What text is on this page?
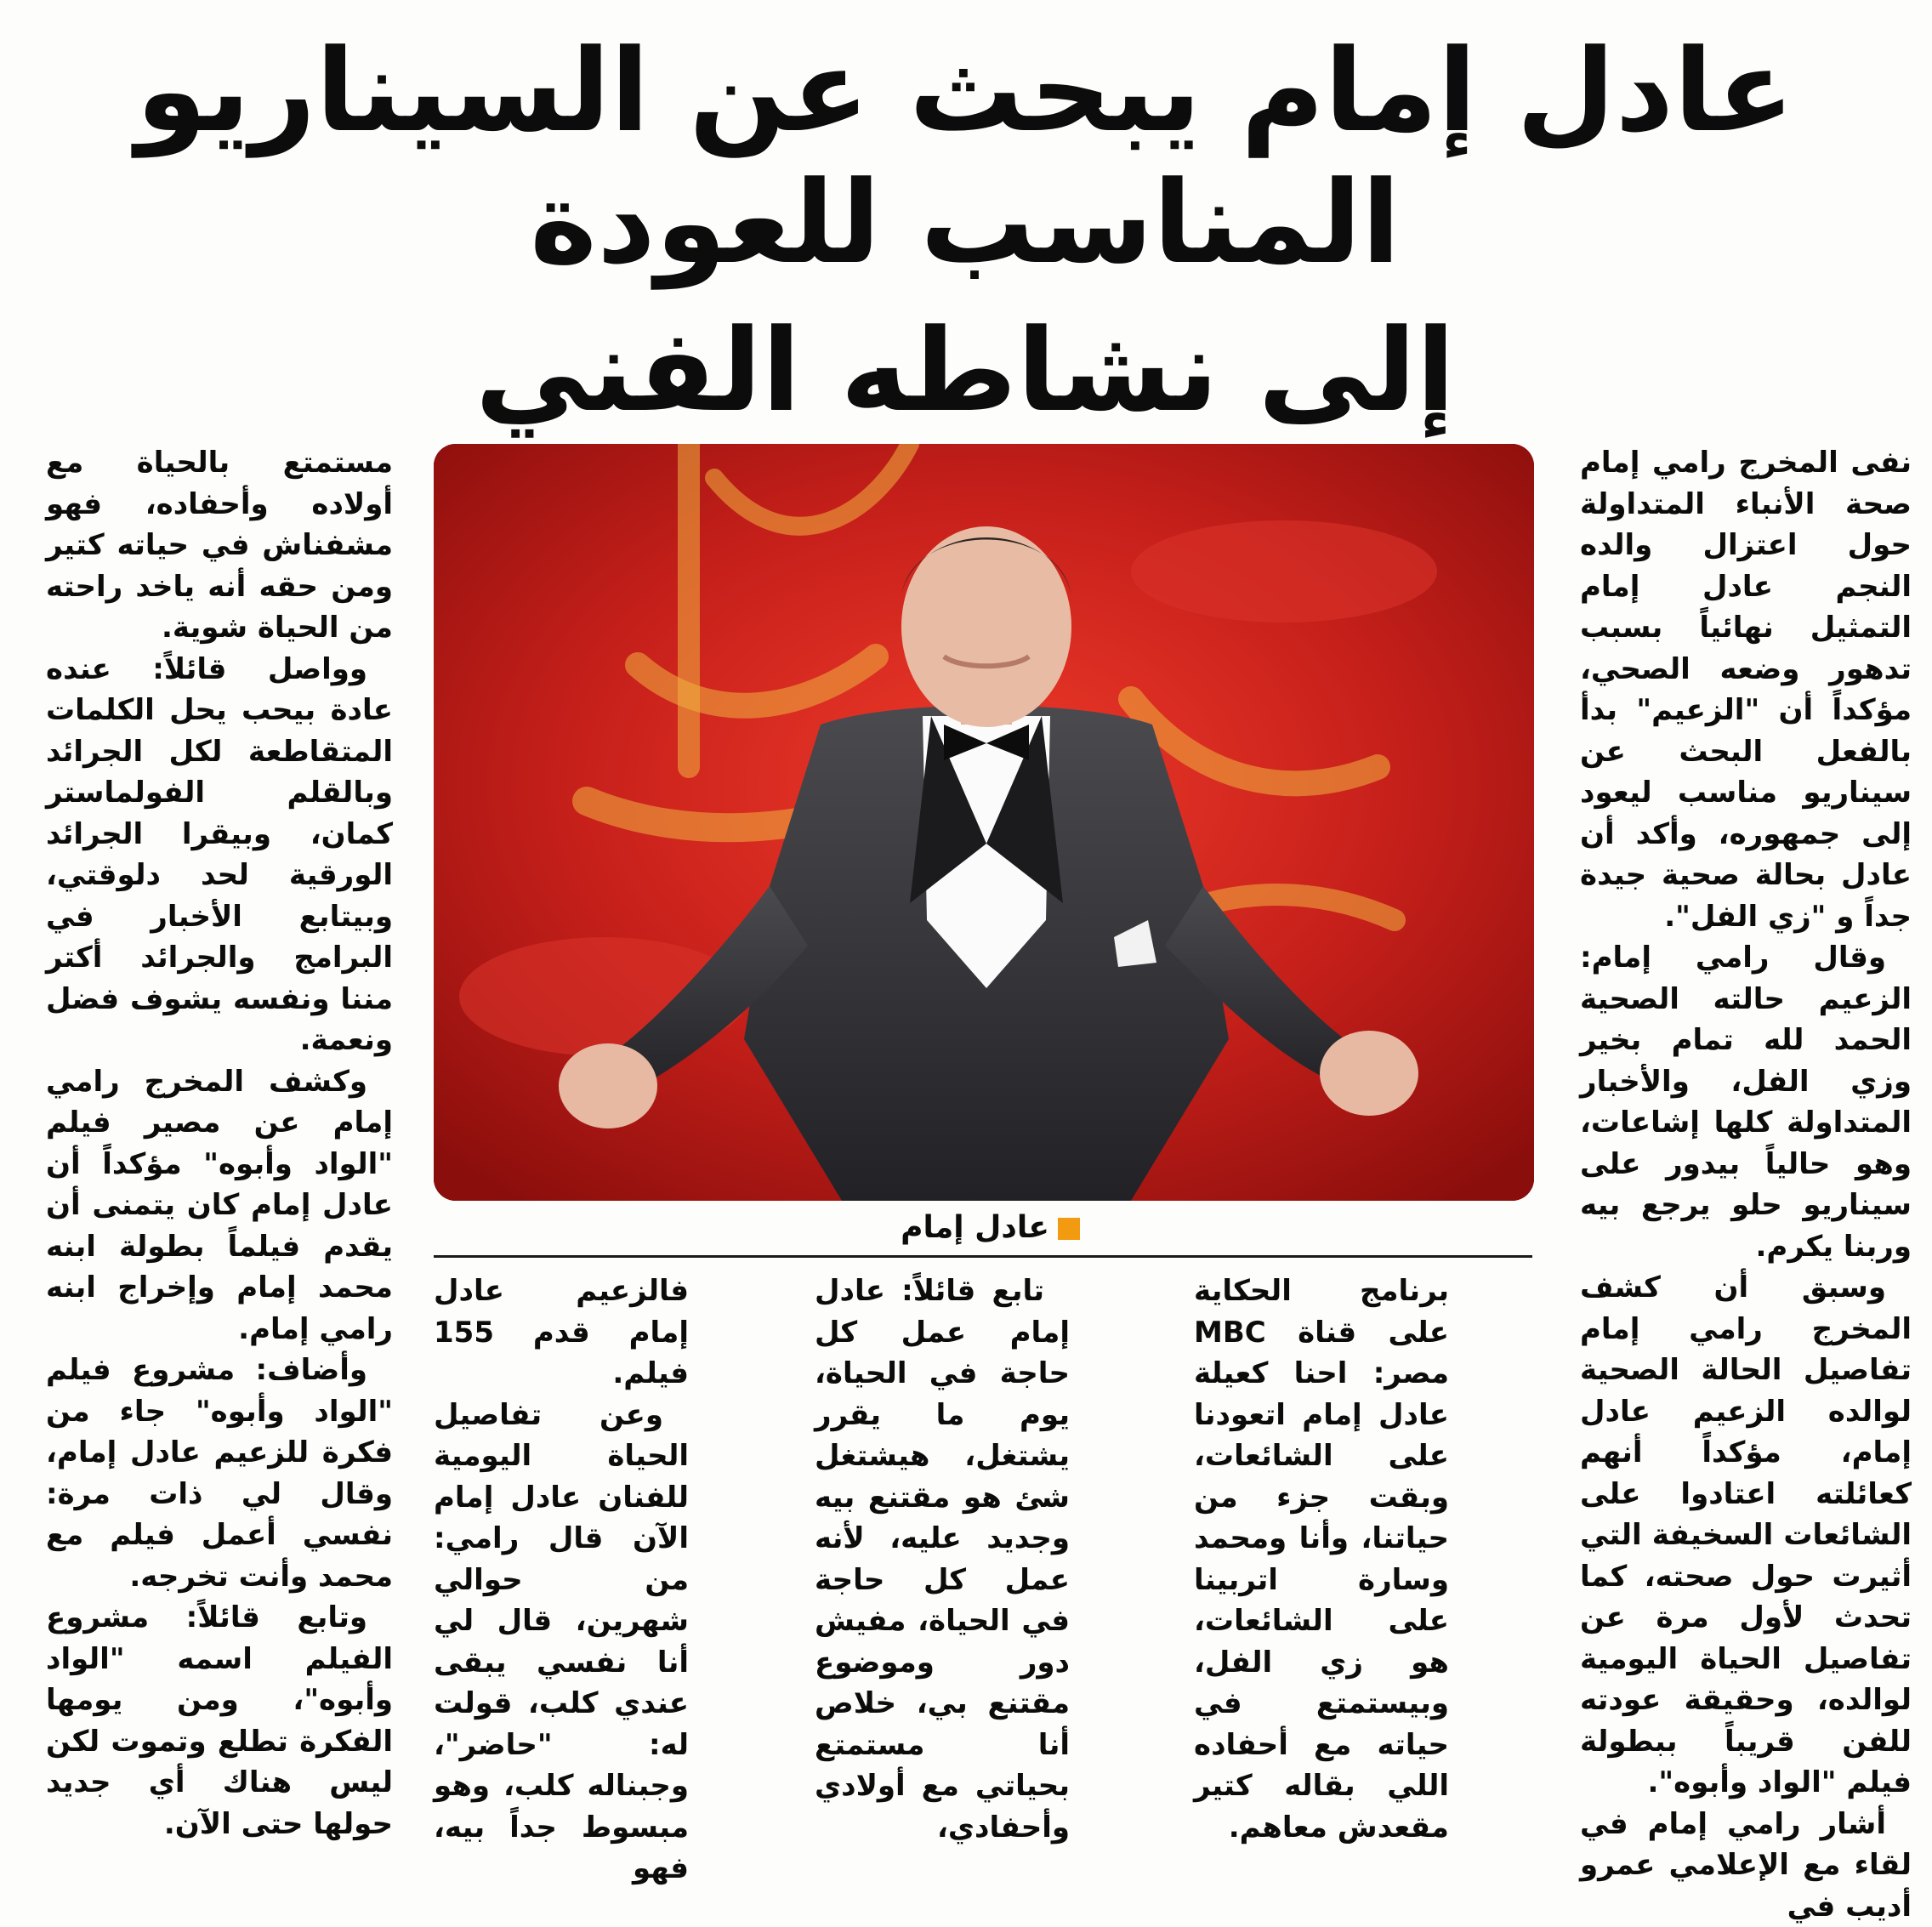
عادل إمام يبحث عن السيناريو المناسب للعودة
إلى نشاطه الفني

نفى المخرج رامي إمام صحة الأنباء المتداولة حول اعتزال والده النجم عادل إمام التمثيل نهائياً بسبب تدهور وضعه الصحي، مؤكداً أن "الزعيم" بدأ بالفعل البحث عن سيناريو مناسب ليعود إلى جمهوره، وأكد أن عادل بحالة صحية جيدة جداً و "زي الفل".

وقال رامي إمام: الزعيم حالته الصحية الحمد لله تمام بخير وزي الفل، والأخبار المتداولة كلها إشاعات، وهو حالياً بيدور على سيناريو حلو يرجع بيه وربنا يكرم.

وسبق أن كشف المخرج رامي إمام تفاصيل الحالة الصحية لوالده الزعيم عادل إمام، مؤكداً أنهم كعائلته اعتادوا على الشائعات السخيفة التي أثيرت حول صحته، كما تحدث لأول مرة عن تفاصيل الحياة اليومية لوالده، وحقيقة عودته للفن قريباً ببطولة فيلم "الواد وأبوه".

أشار رامي إمام في لقاء مع الإعلامي عمرو أديب في

عادل إمام

برنامج الحكاية على قناة MBC مصر: احنا كعيلة عادل إمام اتعودنا على الشائعات، وبقت جزء من حياتنا، وأنا ومحمد وسارة اتربينا على الشائعات، هو زي الفل، وبيستمتع في حياته مع أحفاده اللي بقاله كتير مقعدش معاهم.

تابع قائلاً: عادل إمام عمل كل حاجة في الحياة، يوم ما يقرر يشتغل، هيشتغل شئ هو مقتنع بيه وجديد عليه، لأنه عمل كل حاجة في الحياة، مفيش دور وموضوع مقتنع بي، خلاص أنا مستمتع بحياتي مع أولادي وأحفادي،

فالزعيم عادل إمام قدم 155 فيلم.

وعن تفاصيل الحياة اليومية للفنان عادل إمام الآن قال رامي: من حوالي شهرين، قال لي أنا نفسي يبقى عندي كلب، قولت له: "حاضر"، وجبناله كلب، وهو مبسوط جداً بيه، فهو

مستمتع بالحياة مع أولاده وأحفاده، فهو مشفناش في حياته كتير ومن حقه أنه ياخد راحته من الحياة شوية.

وواصل قائلاً: عنده عادة بيحب يحل الكلمات المتقاطعة لكل الجرائد وبالقلم الفولماستر كمان، وبيقرا الجرائد الورقية لحد دلوقتي، وبيتابع الأخبار في البرامج والجرائد أكتر مننا ونفسه يشوف فضل ونعمة.

وكشف المخرج رامي إمام عن مصير فيلم "الواد وأبوه" مؤكداً أن عادل إمام كان يتمنى أن يقدم فيلماً بطولة ابنه محمد إمام وإخراج ابنه رامي إمام.

وأضاف: مشروع فيلم "الواد وأبوه" جاء من فكرة للزعيم عادل إمام، وقال لي ذات مرة: نفسي أعمل فيلم مع محمد وأنت تخرجه.

وتابع قائلاً: مشروع الفيلم اسمه "الواد وأبوه"، ومن يومها الفكرة تطلع وتموت لكن ليس هناك أي جديد حولها حتى الآن.
